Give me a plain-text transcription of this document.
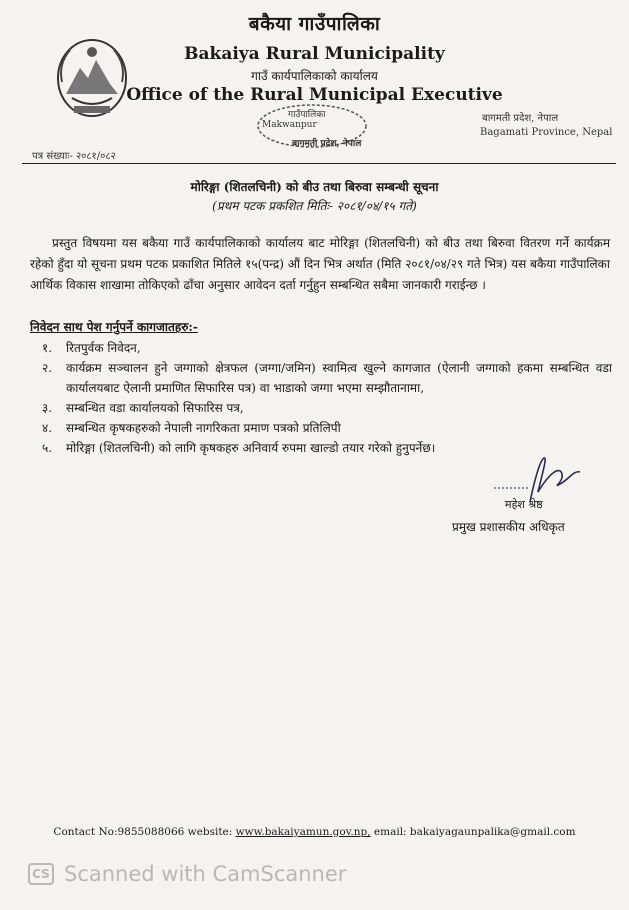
बकैया गाउँपालिका
Bakaiya Rural Municipality
गाउँ कार्यपालिकाको कार्यालय
Office of the Rural Municipal Executive
गाउँपालिका
Makwanpur
बागमती प्रदेश, नेपाल
बागमती प्रदेश, नेपाल
Bagamati Province, Nepal
पत्र संख्याः- २०८१/०८२
मोरिङ्गा (शितलचिनी) को बीउ तथा बिरुवा सम्बन्धी सूचना
(प्रथम पटक प्रकशित मितिः- २०८१/०४/१५ गते)
प्रस्तुत विषयमा यस बकैया गाउँ कार्यपालिकाको कार्यालय बाट मोरिङ्गा (शितलचिनी) को बीउ तथा बिरुवा वितरण गर्ने कार्यक्रम रहेको हुँदा यो सूचना प्रथम पटक प्रकाशित मितिले १५(पन्द्र) औं दिन भित्र अर्थात (मिति २०८१/०४/२९ गते भित्र) यस बकैया गाउँपालिका आर्थिक विकास शाखामा तोकिएको ढाँचा अनुसार आवेदन दर्ता गर्नुहुन सम्बन्धित सबैमा जानकारी गराईन्छ ।
निवेदन साथ पेश गर्नुपर्ने कागजातहरु:-
१.	रितपुर्वक निवेदन,
२.	कार्यक्रम सञ्चालन हुने जग्गाको क्षेत्रफल (जग्गा/जमिन) स्वामित्व खुल्ने कागजात (ऐलानी जग्गाको हकमा सम्बन्धित वडा कार्यालयबाट ऐलानी प्रमाणित सिफारिस पत्र) वा भाडाको जग्गा भएमा सम्झौतानामा,
३.	सम्बन्धित वडा कार्यालयको सिफारिस पत्र,
४.	सम्बन्धित कृषकहरुको नेपाली नागरिकता प्रमाण पत्रको प्रतिलिपी
५.	मोरिङ्गा (शितलचिनी) को लागि कृषकहरु अनिवार्य रुपमा खाल्डो तयार गरेको हुनुपर्नेछ।
महेश श्रेष्ठ
प्रमुख प्रशासकीय अधिकृत
Contact No:9855088066 website: www.bakaiyamun.gov.np, email: bakaiyagaunpalika@gmail.com
CS Scanned with CamScanner
